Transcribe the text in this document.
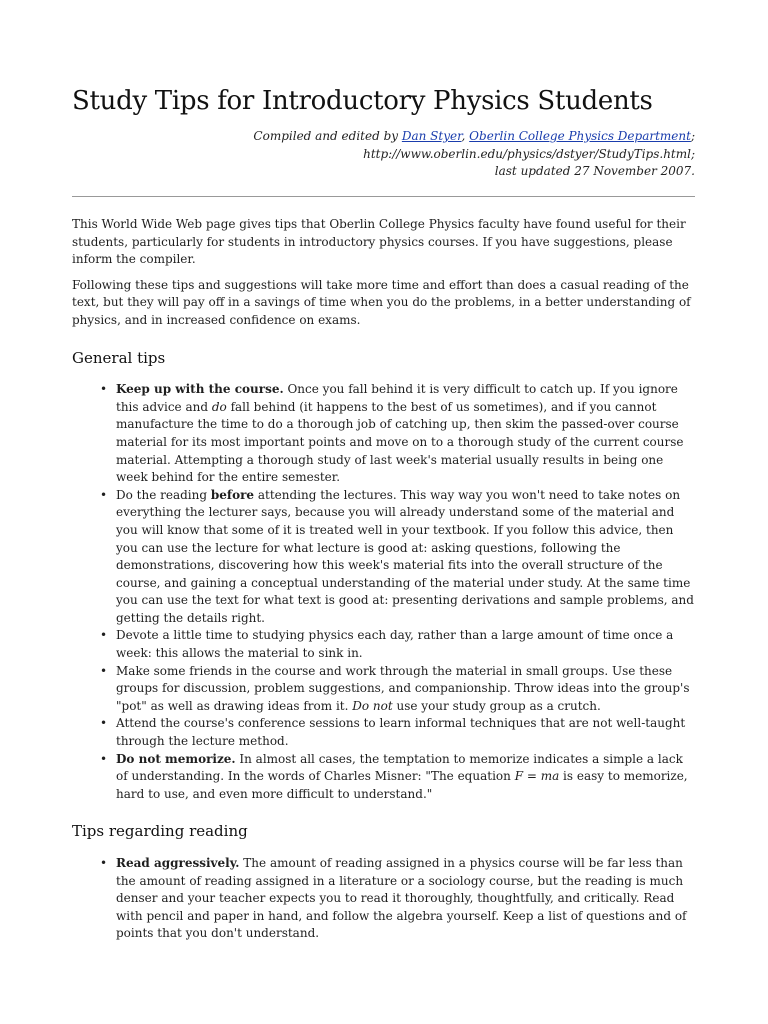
Study Tips for Introductory Physics Students
Compiled and edited by Dan Styer, Oberlin College Physics Department;
http://www.oberlin.edu/physics/dstyer/StudyTips.html;
last updated 27 November 2007.

This World Wide Web page gives tips that Oberlin College Physics faculty have found useful for their students, particularly for students in introductory physics courses. If you have suggestions, please inform the compiler.

Following these tips and suggestions will take more time and effort than does a casual reading of the text, but they will pay off in a savings of time when you do the problems, in a better understanding of physics, and in increased confidence on exams.

General tips
• Keep up with the course. Once you fall behind it is very difficult to catch up. If you ignore this advice and do fall behind (it happens to the best of us sometimes), and if you cannot manufacture the time to do a thorough job of catching up, then skim the passed-over course material for its most important points and move on to a thorough study of the current course material. Attempting a thorough study of last week's material usually results in being one week behind for the entire semester.
• Do the reading before attending the lectures. This way way you won't need to take notes on everything the lecturer says, because you will already understand some of the material and you will know that some of it is treated well in your textbook. If you follow this advice, then you can use the lecture for what lecture is good at: asking questions, following the demonstrations, discovering how this week's material fits into the overall structure of the course, and gaining a conceptual understanding of the material under study. At the same time you can use the text for what text is good at: presenting derivations and sample problems, and getting the details right.
• Devote a little time to studying physics each day, rather than a large amount of time once a week: this allows the material to sink in.
• Make some friends in the course and work through the material in small groups. Use these groups for discussion, problem suggestions, and companionship. Throw ideas into the group's "pot" as well as drawing ideas from it. Do not use your study group as a crutch.
• Attend the course's conference sessions to learn informal techniques that are not well-taught through the lecture method.
• Do not memorize. In almost all cases, the temptation to memorize indicates a simple a lack of understanding. In the words of Charles Misner: "The equation F = ma is easy to memorize, hard to use, and even more difficult to understand."
Tips regarding reading
• Read aggressively. The amount of reading assigned in a physics course will be far less than the amount of reading assigned in a literature or a sociology course, but the reading is much denser and your teacher expects you to read it thoroughly, thoughtfully, and critically. Read with pencil and paper in hand, and follow the algebra yourself. Keep a list of questions and of points that you don't understand.
